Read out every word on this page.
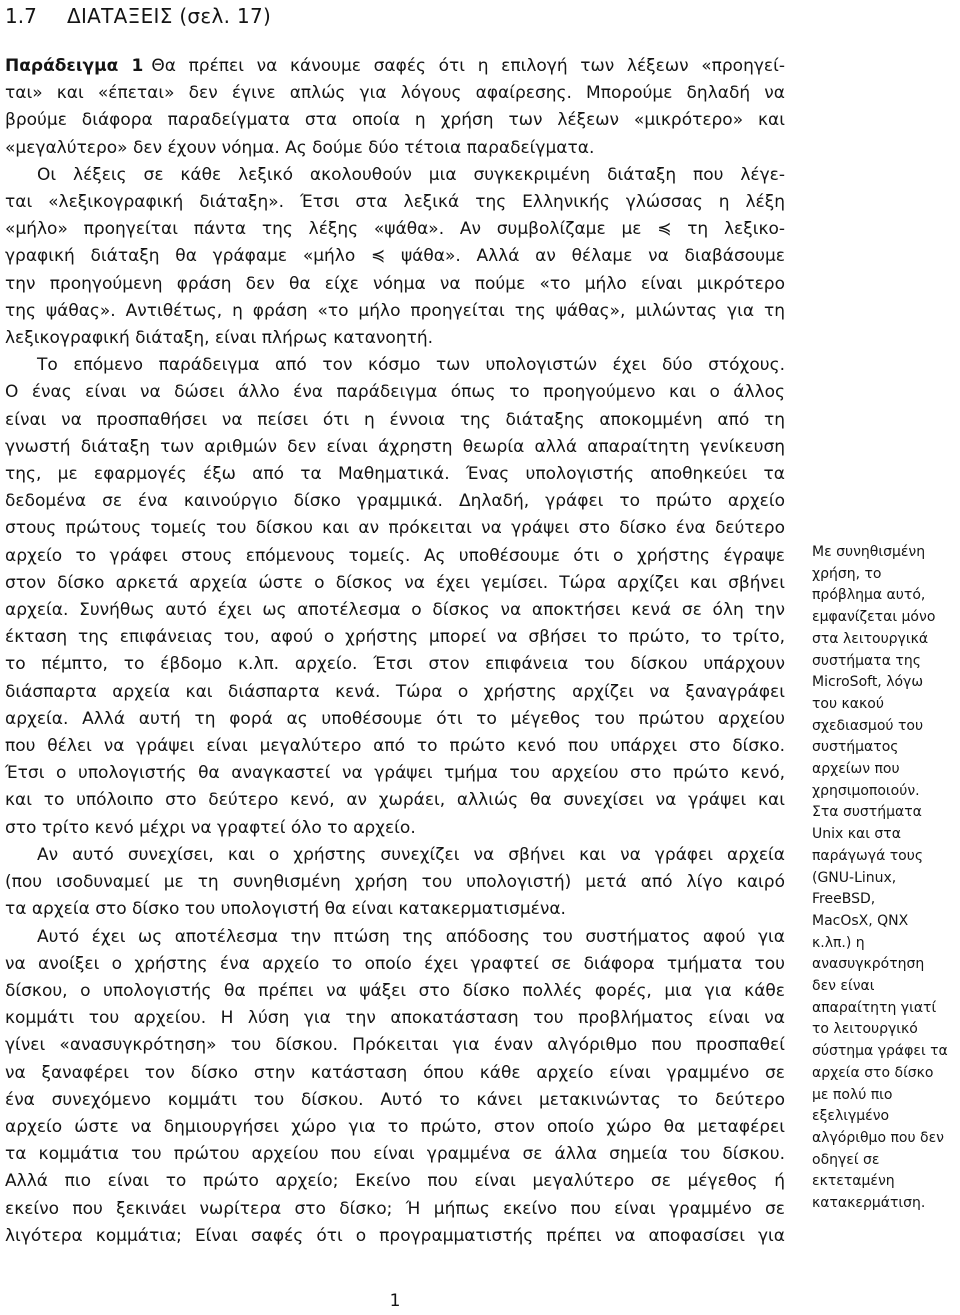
1.7 ΔΙΑΤΑΞΕΙΣ (σελ. 17)
Παράδειγμα 1 Θα πρέπει να κάνουμε σαφές ότι η επιλογή των λέξεων «προηγεί-
ται» και «έπεται» δεν έγινε απλώς για λόγους αφαίρεσης. Μπορούμε δηλαδή να
βρούμε διάφορα παραδείγματα στα οποία η χρήση των λέξεων «μικρότερο» και
«μεγαλύτερο» δεν έχουν νόημα. Ας δούμε δύο τέτοια παραδείγματα.
Οι λέξεις σε κάθε λεξικό ακολουθούν μια συγκεκριμένη διάταξη που λέγε-
ται «λεξικογραφική διάταξη». Έτσι στα λεξικά της Ελληνικής γλώσσας η λέξη
«μήλο» προηγείται πάντα της λέξης «ψάθα». Αν συμβολίζαμε με ≼ τη λεξικο-
γραφική διάταξη θα γράφαμε «μήλο ≼ ψάθα». Αλλά αν θέλαμε να διαβάσουμε
την προηγούμενη φράση δεν θα είχε νόημα να πούμε «το μήλο είναι μικρότερο
της ψάθας». Αντιθέτως, η φράση «το μήλο προηγείται της ψάθας», μιλώντας για τη
λεξικογραφική διάταξη, είναι πλήρως κατανοητή.
Το επόμενο παράδειγμα από τον κόσμο των υπολογιστών έχει δύο στόχους.
Ο ένας είναι να δώσει άλλο ένα παράδειγμα όπως το προηγούμενο και ο άλλος
είναι να προσπαθήσει να πείσει ότι η έννοια της διάταξης αποκομμένη από τη
γνωστή διάταξη των αριθμών δεν είναι άχρηστη θεωρία αλλά απαραίτητη γενίκευση
της, με εφαρμογές έξω από τα Μαθηματικά. Ένας υπολογιστής αποθηκεύει τα
δεδομένα σε ένα καινούργιο δίσκο γραμμικά. Δηλαδή, γράφει το πρώτο αρχείο
στους πρώτους τομείς του δίσκου και αν πρόκειται να γράψει στο δίσκο ένα δεύτερο
αρχείο το γράφει στους επόμενους τομείς. Ας υποθέσουμε ότι ο χρήστης έγραψε
στον δίσκο αρκετά αρχεία ώστε ο δίσκος να έχει γεμίσει. Τώρα αρχίζει και σβήνει
αρχεία. Συνήθως αυτό έχει ως αποτέλεσμα ο δίσκος να αποκτήσει κενά σε όλη την
έκταση της επιφάνειας του, αφού ο χρήστης μπορεί να σβήσει το πρώτο, το τρίτο,
το πέμπτο, το έβδομο κ.λπ. αρχείο. Έτσι στον επιφάνεια του δίσκου υπάρχουν
διάσπαρτα αρχεία και διάσπαρτα κενά. Τώρα ο χρήστης αρχίζει να ξαναγράφει
αρχεία. Αλλά αυτή τη φορά ας υποθέσουμε ότι το μέγεθος του πρώτου αρχείου
που θέλει να γράψει είναι μεγαλύτερο από το πρώτο κενό που υπάρχει στο δίσκο.
Έτσι ο υπολογιστής θα αναγκαστεί να γράψει τμήμα του αρχείου στο πρώτο κενό,
και το υπόλοιπο στο δεύτερο κενό, αν χωράει, αλλιώς θα συνεχίσει να γράψει και
στο τρίτο κενό μέχρι να γραφτεί όλο το αρχείο.
Αν αυτό συνεχίσει, και ο χρήστης συνεχίζει να σβήνει και να γράφει αρχεία
(που ισοδυναμεί με τη συνηθισμένη χρήση του υπολογιστή) μετά από λίγο καιρό
τα αρχεία στο δίσκο του υπολογιστή θα είναι κατακερματισμένα.
Αυτό έχει ως αποτέλεσμα την πτώση της απόδοσης του συστήματος αφού για
να ανοίξει ο χρήστης ένα αρχείο το οποίο έχει γραφτεί σε διάφορα τμήματα του
δίσκου, ο υπολογιστής θα πρέπει να ψάξει στο δίσκο πολλές φορές, μια για κάθε
κομμάτι του αρχείου. Η λύση για την αποκατάσταση του προβλήματος είναι να
γίνει «ανασυγκρότηση» του δίσκου. Πρόκειται για έναν αλγόριθμο που προσπαθεί
να ξαναφέρει τον δίσκο στην κατάσταση όπου κάθε αρχείο είναι γραμμένο σε
ένα συνεχόμενο κομμάτι του δίσκου. Αυτό το κάνει μετακινώντας το δεύτερο
αρχείο ώστε να δημιουργήσει χώρο για το πρώτο, στον οποίο χώρο θα μεταφέρει
τα κομμάτια του πρώτου αρχείου που είναι γραμμένα σε άλλα σημεία του δίσκου.
Αλλά πιο είναι το πρώτο αρχείο; Εκείνο που είναι μεγαλύτερο σε μέγεθος ή
εκείνο που ξεκινάει νωρίτερα στο δίσκο; Ή μήπως εκείνο που είναι γραμμένο σε
λιγότερα κομμάτια; Είναι σαφές ότι ο προγραμματιστής πρέπει να αποφασίσει για
Με συνηθισμένη
χρήση, το
πρόβλημα αυτό,
εμφανίζεται μόνο
στα λειτουργικά
συστήματα της
MicroSoft, λόγω
του κακού
σχεδιασμού του
συστήματος
αρχείων που
χρησιμοποιούν.
Στα συστήματα
Unix και στα
παράγωγά τους
(GNU-Linux,
FreeBSD,
MacOsX, QNX
κ.λπ.) η
ανασυγκρότηση
δεν είναι
απαραίτητη γιατί
το λειτουργικό
σύστημα γράφει τα
αρχεία στο δίσκο
με πολύ πιο
εξελιγμένο
αλγόριθμο που δεν
οδηγεί σε
εκτεταμένη
κατακερμάτιση.
1
